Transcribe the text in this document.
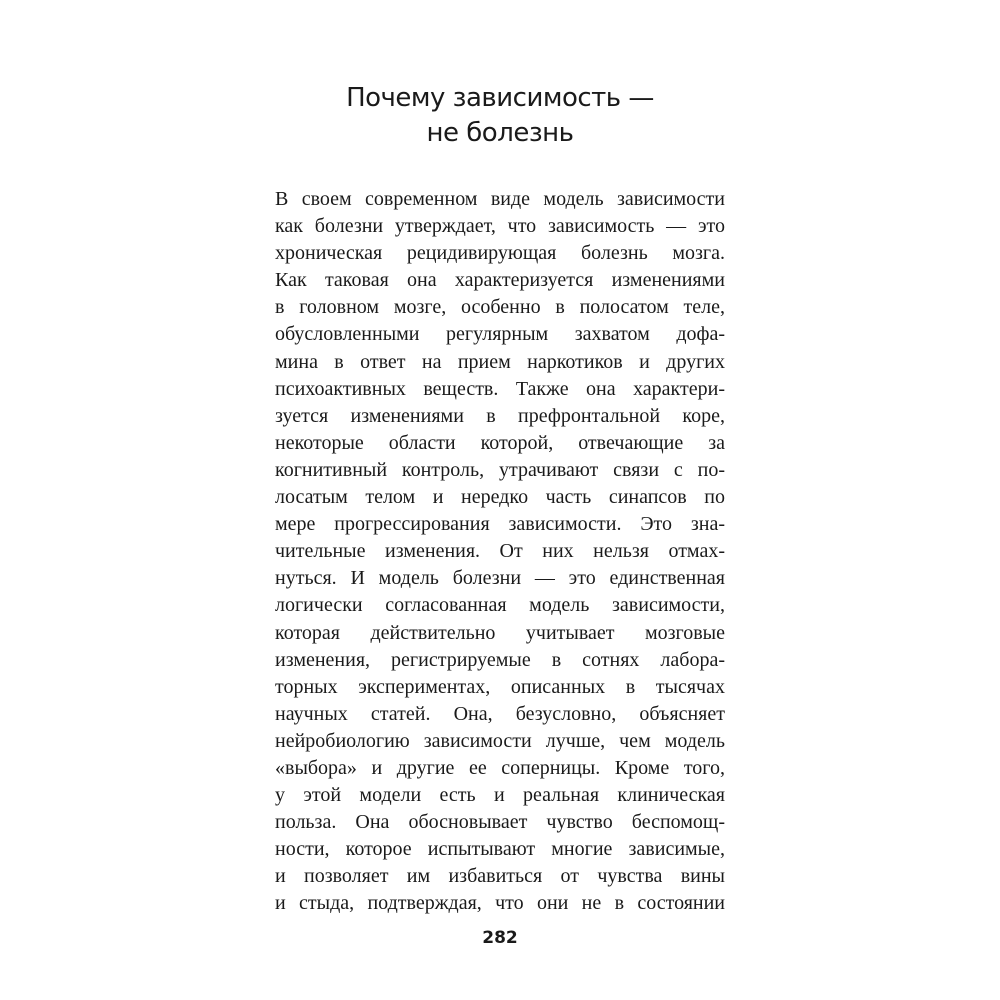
Почему зависимость —
не болезнь
В своем современном виде модель зависимости
как болезни утверждает, что зависимость — это
хроническая рецидивирующая болезнь мозга.
Как таковая она характеризуется изменениями
в головном мозге, особенно в полосатом теле,
обусловленными регулярным захватом дофа-
мина в ответ на прием наркотиков и других
психоактивных веществ. Также она характери-
зуется изменениями в префронтальной коре,
некоторые области которой, отвечающие за
когнитивный контроль, утрачивают связи с по-
лосатым телом и нередко часть синапсов по
мере прогрессирования зависимости. Это зна-
чительные изменения. От них нельзя отмах-
нуться. И модель болезни — это единственная
логически согласованная модель зависимости,
которая действительно учитывает мозговые
изменения, регистрируемые в сотнях лабора-
торных экспериментах, описанных в тысячах
научных статей. Она, безусловно, объясняет
нейробиологию зависимости лучше, чем модель
«выбора» и другие ее соперницы. Кроме того,
у этой модели есть и реальная клиническая
польза. Она обосновывает чувство беспомощ-
ности, которое испытывают многие зависимые,
и позволяет им избавиться от чувства вины
и стыда, подтверждая, что они не в состоянии
282
